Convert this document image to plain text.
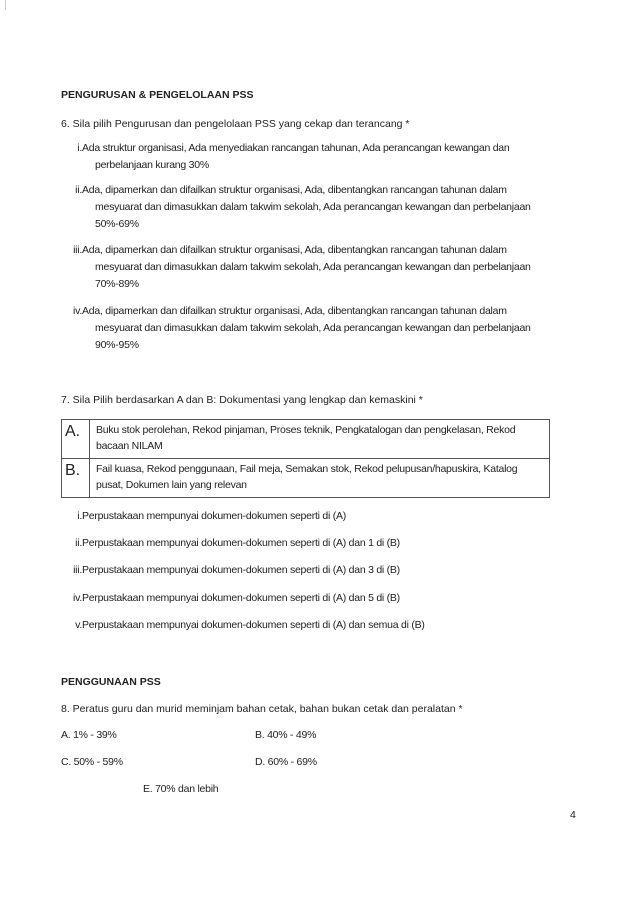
PENGURUSAN & PENGELOLAAN PSS
6. Sila pilih Pengurusan dan pengelolaan PSS yang cekap dan terancang *
i.Ada struktur organisasi, Ada menyediakan rancangan tahunan, Ada perancangan kewangan dan
perbelanjaan kurang 30%
ii.Ada, dipamerkan dan difailkan struktur organisasi, Ada, dibentangkan rancangan tahunan dalam
mesyuarat dan dimasukkan dalam takwim sekolah, Ada perancangan kewangan dan perbelanjaan 50%-69%
iii.Ada, dipamerkan dan difailkan struktur organisasi, Ada, dibentangkan rancangan tahunan dalam
mesyuarat dan dimasukkan dalam takwim sekolah, Ada perancangan kewangan dan perbelanjaan 70%-89%
iv.Ada, dipamerkan dan difailkan struktur organisasi, Ada, dibentangkan rancangan tahunan dalam
mesyuarat dan dimasukkan dalam takwim sekolah, Ada perancangan kewangan dan perbelanjaan 90%-95%
7. Sila Pilih berdasarkan A dan B: Dokumentasi yang lengkap dan kemaskini *
A.	Buku stok perolehan, Rekod pinjaman, Proses teknik, Pengkatalogan dan pengkelasan, Rekod bacaan NILAM
B.	Fail kuasa, Rekod penggunaan, Fail meja, Semakan stok, Rekod pelupusan/hapuskira, Katalog pusat, Dokumen lain yang relevan
i.Perpustakaan mempunyai dokumen-dokumen seperti di (A)
ii.Perpustakaan mempunyai dokumen-dokumen seperti di (A) dan 1 di (B)
iii.Perpustakaan mempunyai dokumen-dokumen seperti di (A) dan 3 di (B)
iv.Perpustakaan mempunyai dokumen-dokumen seperti di (A) dan 5 di (B)
v.Perpustakaan mempunyai dokumen-dokumen seperti di (A) dan semua di (B)
PENGGUNAAN PSS
8. Peratus guru dan murid meminjam bahan cetak, bahan bukan cetak dan peralatan *
A. 1% - 39%	B. 40% - 49%
C. 50% - 59%	D. 60% - 69%
E. 70% dan lebih
4
